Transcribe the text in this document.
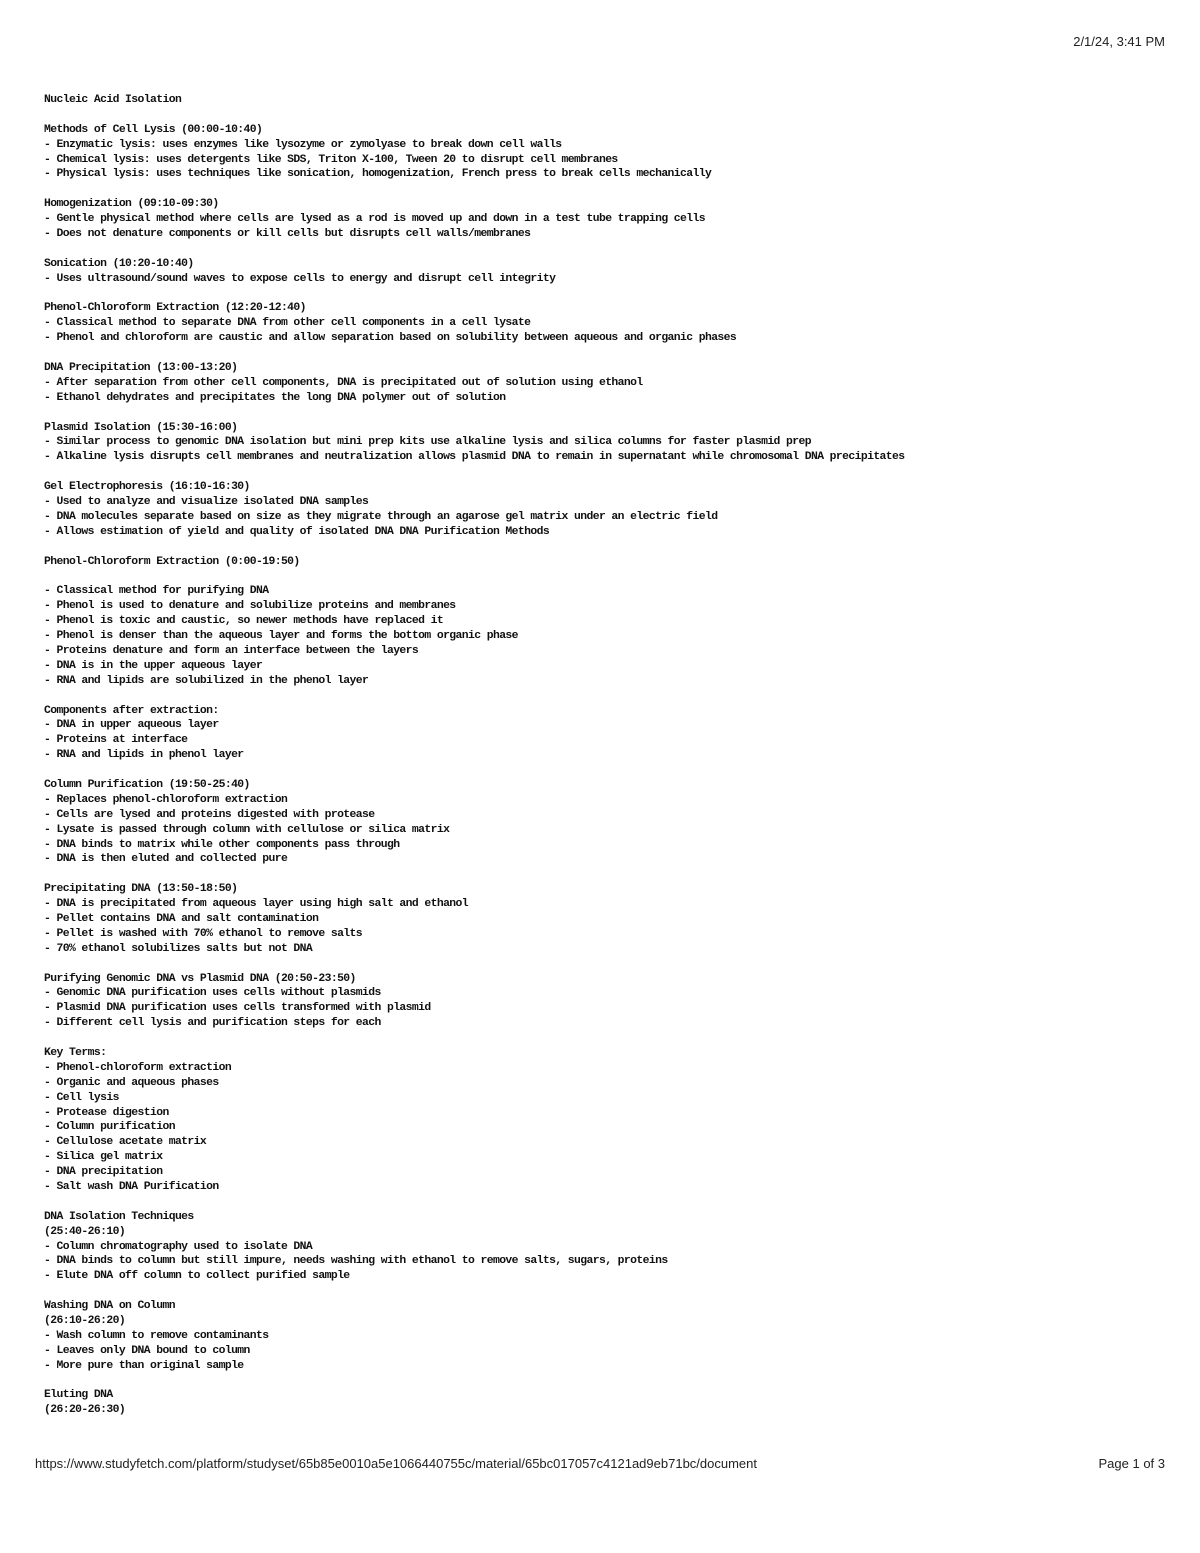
2/1/24, 3:41 PM
Nucleic Acid Isolation
Methods of Cell Lysis (00:00-10:40)
- Enzymatic lysis: uses enzymes like lysozyme or zymolyase to break down cell walls
- Chemical lysis: uses detergents like SDS, Triton X-100, Tween 20 to disrupt cell membranes
- Physical lysis: uses techniques like sonication, homogenization, French press to break cells mechanically
Homogenization (09:10-09:30)
- Gentle physical method where cells are lysed as a rod is moved up and down in a test tube trapping cells
- Does not denature components or kill cells but disrupts cell walls/membranes
Sonication (10:20-10:40)
- Uses ultrasound/sound waves to expose cells to energy and disrupt cell integrity
Phenol-Chloroform Extraction (12:20-12:40)
- Classical method to separate DNA from other cell components in a cell lysate
- Phenol and chloroform are caustic and allow separation based on solubility between aqueous and organic phases
DNA Precipitation (13:00-13:20)
- After separation from other cell components, DNA is precipitated out of solution using ethanol
- Ethanol dehydrates and precipitates the long DNA polymer out of solution
Plasmid Isolation (15:30-16:00)
- Similar process to genomic DNA isolation but mini prep kits use alkaline lysis and silica columns for faster plasmid prep
- Alkaline lysis disrupts cell membranes and neutralization allows plasmid DNA to remain in supernatant while chromosomal DNA precipitates
Gel Electrophoresis (16:10-16:30)
- Used to analyze and visualize isolated DNA samples
- DNA molecules separate based on size as they migrate through an agarose gel matrix under an electric field
- Allows estimation of yield and quality of isolated DNA DNA Purification Methods
Phenol-Chloroform Extraction (0:00-19:50)
- Classical method for purifying DNA
- Phenol is used to denature and solubilize proteins and membranes
- Phenol is toxic and caustic, so newer methods have replaced it
- Phenol is denser than the aqueous layer and forms the bottom organic phase
- Proteins denature and form an interface between the layers
- DNA is in the upper aqueous layer
- RNA and lipids are solubilized in the phenol layer
Components after extraction:
- DNA in upper aqueous layer
- Proteins at interface
- RNA and lipids in phenol layer
Column Purification (19:50-25:40)
- Replaces phenol-chloroform extraction
- Cells are lysed and proteins digested with protease
- Lysate is passed through column with cellulose or silica matrix
- DNA binds to matrix while other components pass through
- DNA is then eluted and collected pure
Precipitating DNA (13:50-18:50)
- DNA is precipitated from aqueous layer using high salt and ethanol
- Pellet contains DNA and salt contamination
- Pellet is washed with 70% ethanol to remove salts
- 70% ethanol solubilizes salts but not DNA
Purifying Genomic DNA vs Plasmid DNA (20:50-23:50)
- Genomic DNA purification uses cells without plasmids
- Plasmid DNA purification uses cells transformed with plasmid
- Different cell lysis and purification steps for each
Key Terms:
- Phenol-chloroform extraction
- Organic and aqueous phases
- Cell lysis
- Protease digestion
- Column purification
- Cellulose acetate matrix
- Silica gel matrix
- DNA precipitation
- Salt wash DNA Purification
DNA Isolation Techniques
(25:40-26:10)
- Column chromatography used to isolate DNA
- DNA binds to column but still impure, needs washing with ethanol to remove salts, sugars, proteins
- Elute DNA off column to collect purified sample
Washing DNA on Column
(26:10-26:20)
- Wash column to remove contaminants
- Leaves only DNA bound to column
- More pure than original sample
Eluting DNA
(26:20-26:30)
https://www.studyfetch.com/platform/studyset/65b85e0010a5e1066440755c/material/65bc017057c4121ad9eb71bc/document	Page 1 of 3
